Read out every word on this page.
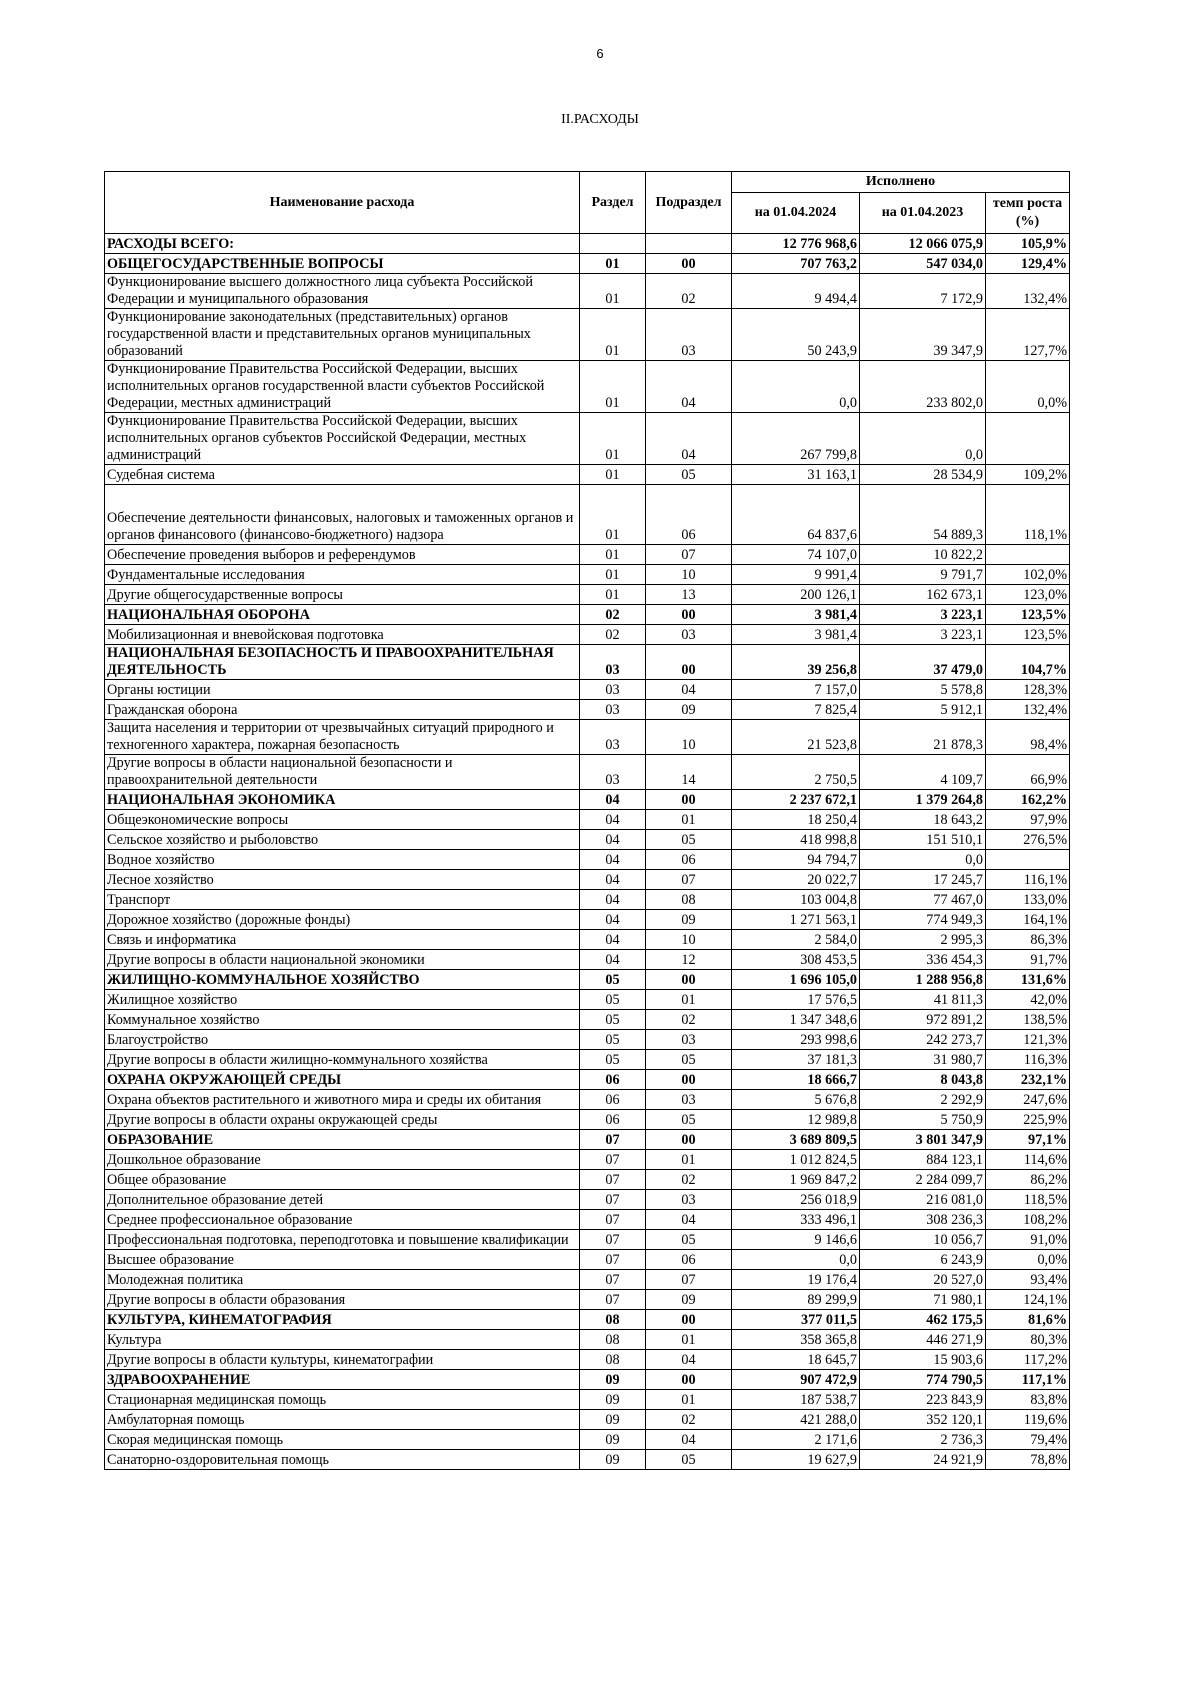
6
II.РАСХОДЫ
Наименование расхода	Раздел	Подраздел	Исполнено		
			на 01.04.2024	на 01.04.2023	темп роста (%)
РАСХОДЫ ВСЕГО:			12 776 968,6	12 066 075,9	105,9%
ОБЩЕГОСУДАРСТВЕННЫЕ ВОПРОСЫ	01	00	707 763,2	547 034,0	129,4%
Функционирование высшего должностного лица субъекта Российской Федерации и муниципального образования	01	02	9 494,4	7 172,9	132,4%
Функционирование законодательных (представительных) органов государственной власти и представительных органов муниципальных образований	01	03	50 243,9	39 347,9	127,7%
Функционирование Правительства Российской Федерации, высших исполнительных органов государственной власти субъектов Российской Федерации, местных администраций	01	04	0,0	233 802,0	0,0%
Функционирование Правительства Российской Федерации, высших исполнительных органов субъектов Российской Федерации, местных администраций	01	04	267 799,8	0,0	
Судебная система	01	05	31 163,1	28 534,9	109,2%
Обеспечение деятельности финансовых, налоговых и таможенных органов и органов финансового (финансово-бюджетного) надзора	01	06	64 837,6	54 889,3	118,1%
Обеспечение проведения выборов и референдумов	01	07	74 107,0	10 822,2	
Фундаментальные исследования	01	10	9 991,4	9 791,7	102,0%
Другие общегосударственные вопросы	01	13	200 126,1	162 673,1	123,0%
НАЦИОНАЛЬНАЯ ОБОРОНА	02	00	3 981,4	3 223,1	123,5%
Мобилизационная и вневойсковая подготовка	02	03	3 981,4	3 223,1	123,5%
НАЦИОНАЛЬНАЯ БЕЗОПАСНОСТЬ И ПРАВООХРАНИТЕЛЬНАЯ ДЕЯТЕЛЬНОСТЬ	03	00	39 256,8	37 479,0	104,7%
Органы юстиции	03	04	7 157,0	5 578,8	128,3%
Гражданская оборона	03	09	7 825,4	5 912,1	132,4%
Защита населения и территории от чрезвычайных ситуаций природного и техногенного характера, пожарная безопасность	03	10	21 523,8	21 878,3	98,4%
Другие вопросы в области национальной безопасности и правоохранительной деятельности	03	14	2 750,5	4 109,7	66,9%
НАЦИОНАЛЬНАЯ ЭКОНОМИКА	04	00	2 237 672,1	1 379 264,8	162,2%
Общеэкономические вопросы	04	01	18 250,4	18 643,2	97,9%
Сельское хозяйство и рыболовство	04	05	418 998,8	151 510,1	276,5%
Водное хозяйство	04	06	94 794,7	0,0	
Лесное хозяйство	04	07	20 022,7	17 245,7	116,1%
Транспорт	04	08	103 004,8	77 467,0	133,0%
Дорожное хозяйство (дорожные фонды)	04	09	1 271 563,1	774 949,3	164,1%
Связь и информатика	04	10	2 584,0	2 995,3	86,3%
Другие вопросы в области национальной экономики	04	12	308 453,5	336 454,3	91,7%
ЖИЛИЩНО-КОММУНАЛЬНОЕ ХОЗЯЙСТВО	05	00	1 696 105,0	1 288 956,8	131,6%
Жилищное хозяйство	05	01	17 576,5	41 811,3	42,0%
Коммунальное хозяйство	05	02	1 347 348,6	972 891,2	138,5%
Благоустройство	05	03	293 998,6	242 273,7	121,3%
Другие вопросы в области жилищно-коммунального хозяйства	05	05	37 181,3	31 980,7	116,3%
ОХРАНА ОКРУЖАЮЩЕЙ СРЕДЫ	06	00	18 666,7	8 043,8	232,1%
Охрана объектов растительного и животного мира и среды их обитания	06	03	5 676,8	2 292,9	247,6%
Другие вопросы в области охраны окружающей среды	06	05	12 989,8	5 750,9	225,9%
ОБРАЗОВАНИЕ	07	00	3 689 809,5	3 801 347,9	97,1%
Дошкольное образование	07	01	1 012 824,5	884 123,1	114,6%
Общее образование	07	02	1 969 847,2	2 284 099,7	86,2%
Дополнительное образование детей	07	03	256 018,9	216 081,0	118,5%
Среднее профессиональное образование	07	04	333 496,1	308 236,3	108,2%
Профессиональная подготовка, переподготовка и повышение квалификации	07	05	9 146,6	10 056,7	91,0%
Высшее образование	07	06	0,0	6 243,9	0,0%
Молодежная политика	07	07	19 176,4	20 527,0	93,4%
Другие вопросы в области образования	07	09	89 299,9	71 980,1	124,1%
КУЛЬТУРА, КИНЕМАТОГРАФИЯ	08	00	377 011,5	462 175,5	81,6%
Культура	08	01	358 365,8	446 271,9	80,3%
Другие вопросы в области культуры, кинематографии	08	04	18 645,7	15 903,6	117,2%
ЗДРАВООХРАНЕНИЕ	09	00	907 472,9	774 790,5	117,1%
Стационарная медицинская помощь	09	01	187 538,7	223 843,9	83,8%
Амбулаторная помощь	09	02	421 288,0	352 120,1	119,6%
Скорая медицинская помощь	09	04	2 171,6	2 736,3	79,4%
Санаторно-оздоровительная помощь	09	05	19 627,9	24 921,9	78,8%
